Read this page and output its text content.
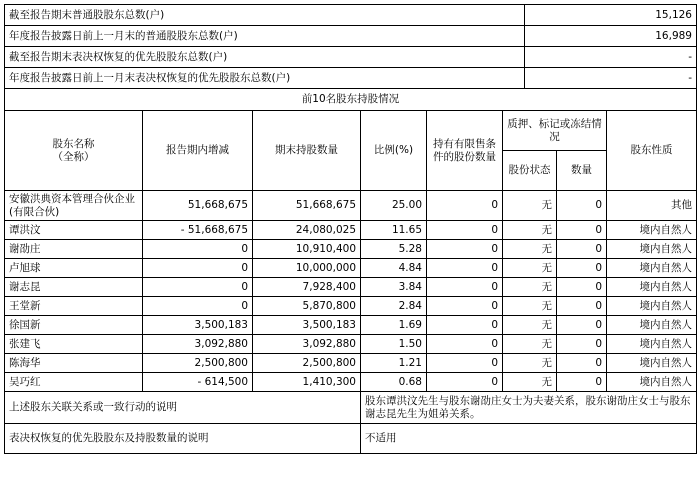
截至报告期末普通股股东总数(户)	15,126
年度报告披露日前上一月末的普通股股东总数(户)	16,989
截至报告期末表决权恢复的优先股股东总数(户)	-
年度报告披露日前上一月末表决权恢复的优先股股东总数(户)	-
前10名股东持股情况							
股东名称
（全称）	报告期内增减	期末持股数量	比例(%)	持有有限售条件的股份数量	质押、标记或冻结情况		股东性质
					股份状态	数量	
安徽洪典资本管理合伙企业(有限合伙)	51,668,675	51,668,675	25.00	0	无	0	其他
谭洪汶	- 51,668,675	24,080,025	11.65	0	无	0	境内自然人
谢劭庄	0	10,910,400	5.28	0	无	0	境内自然人
卢旭球	0	10,000,000	4.84	0	无	0	境内自然人
谢志昆	0	7,928,400	3.84	0	无	0	境内自然人
王堂新	0	5,870,800	2.84	0	无	0	境内自然人
徐国新	3,500,183	3,500,183	1.69	0	无	0	境内自然人
张建飞	3,092,880	3,092,880	1.50	0	无	0	境内自然人
陈海华	2,500,800	2,500,800	1.21	0	无	0	境内自然人
吴巧红	- 614,500	1,410,300	0.68	0	无	0	境内自然人
上述股东关联关系或一致行动的说明			股东谭洪汶先生与股东谢劭庄女士为夫妻关系，股东谢劭庄女士与股东谢志昆先生为姐弟关系。				
表决权恢复的优先股股东及持股数量的说明			不适用				
